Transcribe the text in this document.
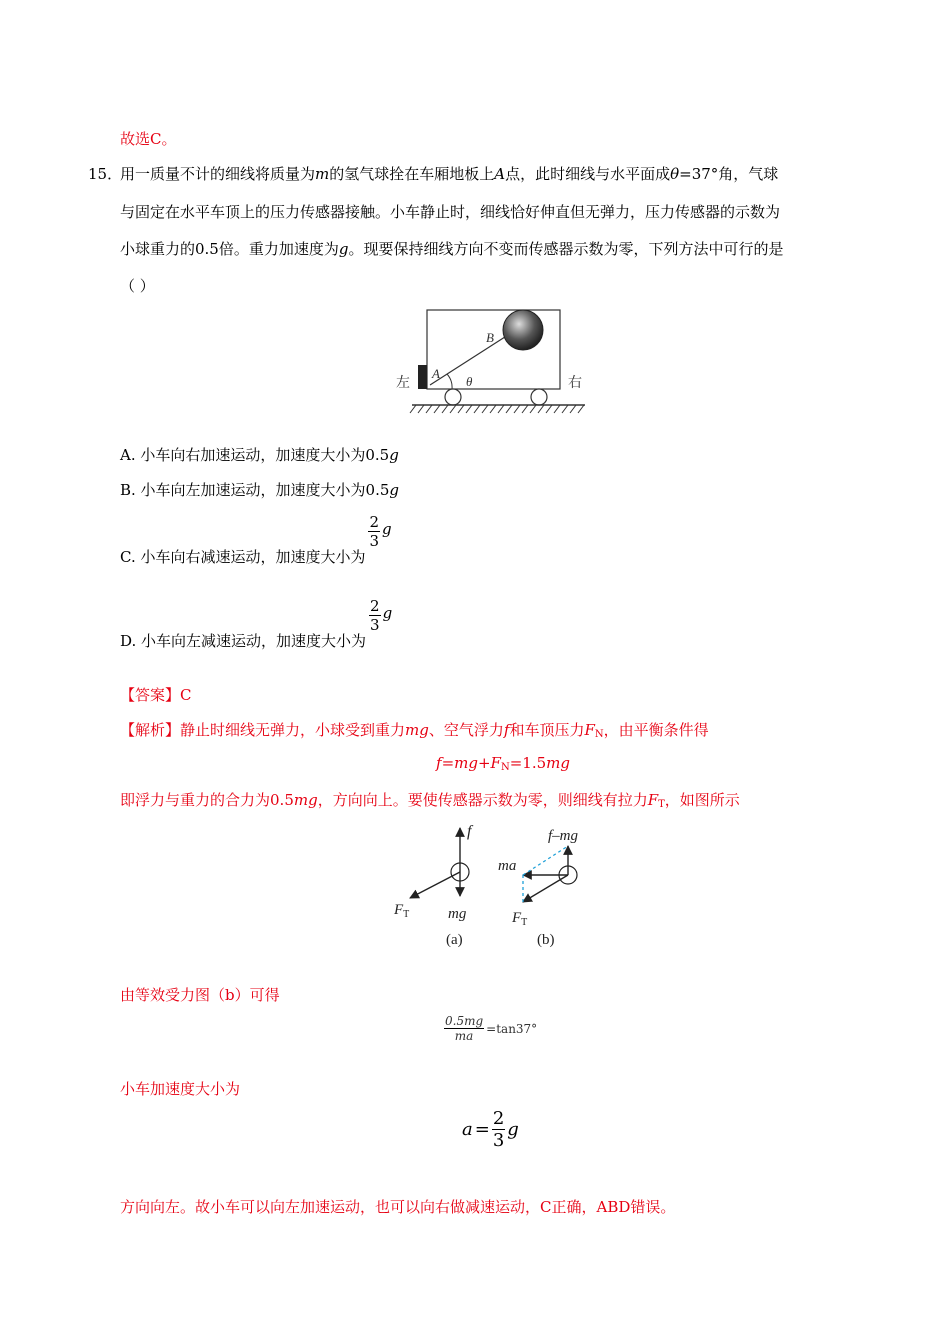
故选C。
15．
用一质量不计的细线将质量为m的氢气球拴在车厢地板上A点，此时细线与水平面成θ=37°角，气球
与固定在水平车顶上的压力传感器接触。小车静止时，细线恰好伸直但无弹力，压力传感器的示数为
小球重力的0.5倍。重力加速度为g。现要保持细线方向不变而传感器示数为零，下列方法中可行的是
（ ）
左	右
A
B
θ
A. 小车向右加速运动，加速度大小为0.5g
B. 小车向左加速运动，加速度大小为0.5g
C. 小车向右减速运动，加速度大小为
$\frac{2}{3}$ g
D. 小车向左减速运动，加速度大小为
$\frac{2}{3}$ g
【答案】C
【解析】静止时细线无弹力，小球受到重力mg、空气浮力f和车顶压力$F_N$，由平衡条件得
$f=mg+F_N=1.5mg$
即浮力与重力的合力为0.5mg，方向向上。要使传感器示数为零，则细线有拉力$F_T$，如图所示
f
mg
$F_T$
(a)
f–mg
ma
$F_T$
(b)
由等效受力图（b）可得
$\frac{0.5mg}{ma} =\tan 37^\circ$
小车加速度大小为
$a = \frac{2}{3}$ g
方向向左。故小车可以向左加速运动，也可以向右做减速运动，C正确，ABD错误。
